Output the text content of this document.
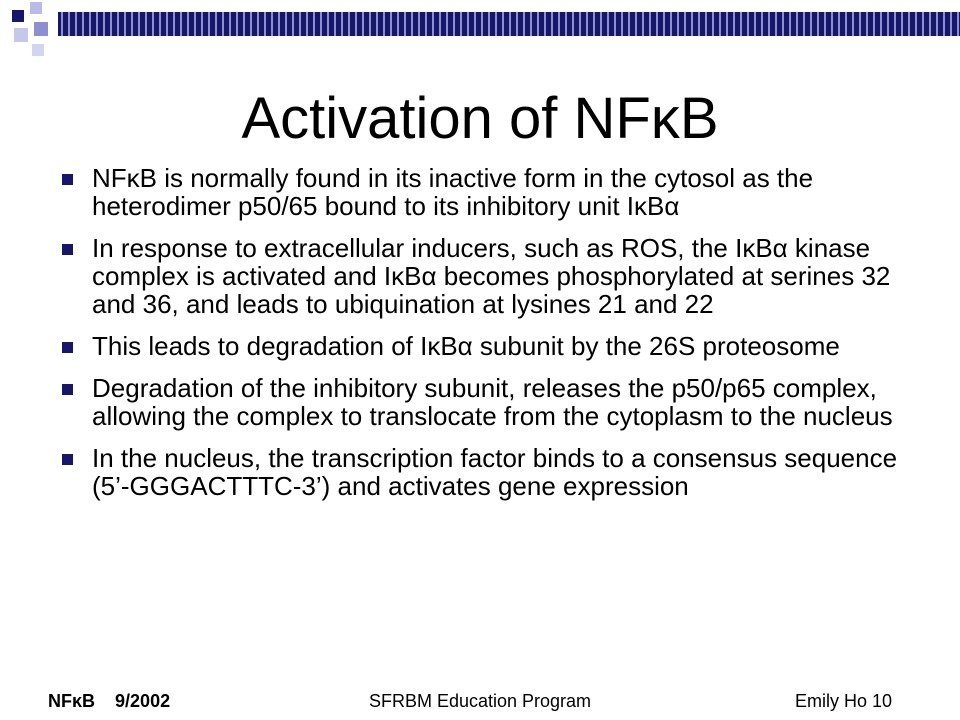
Activation of NFκB
NFκB is normally found in its inactive form in the cytosol as the heterodimer p50/65 bound to its inhibitory unit IκBα
In response to extracellular inducers, such as ROS, the IκBα kinase complex is activated and IκBα becomes phosphorylated at serines 32 and 36, and leads to ubiquination at lysines 21 and 22
This leads to degradation of IκBα subunit by the 26S proteosome
Degradation of the inhibitory subunit, releases the p50/p65 complex, allowing the complex to translocate from the cytoplasm to the nucleus
In the nucleus, the transcription factor binds to a consensus sequence (5’-GGGACTTTC-3’) and activates gene expression
SFRBM Education Program
NFκB    9/2002	Emily Ho 10
